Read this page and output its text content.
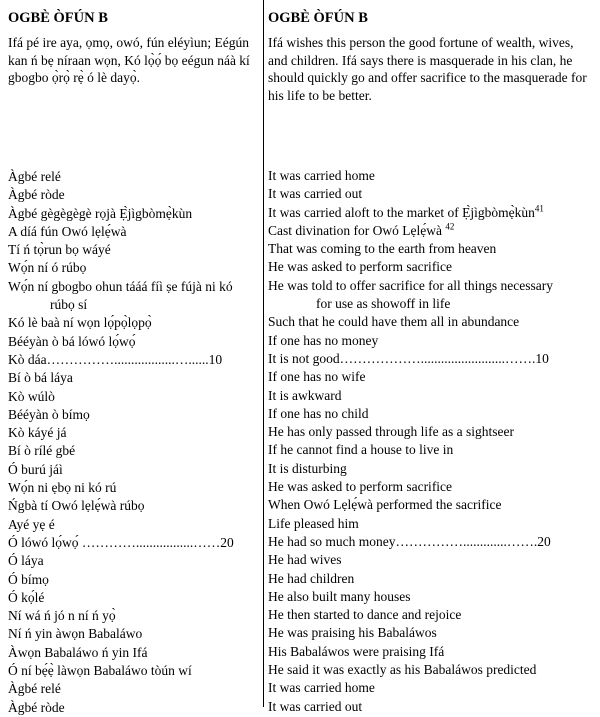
OGBÈ ÒFÚN B

Ifá pé ire aya, ọmọ, owó, fún eléyìun; Eégún kan ń bẹ níraan wọn, Kó lọ̀ọ́ bọ eégun náà kí gbogbo ọ̀rọ̀ rẹ̀ ó lè dayọ̀.

Àgbé relé
Àgbé ròde
Àgbé gègègègè rọjà Ẹ̀jìgbòmẹ̀kùn
A díá fún Owó lẹlẹ́wà
Tí ń tọ̀run bọ wáyé
Wọ́n ní ó rúbọ
Wọ́n ní gbogbo ohun tááá fíì ṣe fújà ni kó
rúbọ sí
Kó lè baà ní wọn lọ́pọ̀lọpọ̀
Bééyàn ò bá lówó lọ́wọ́
Kò dáa……………..................…......10
Bí ò bá láya
Kò wúlò
Bééyàn ò bímọ
Kò káyé já
Bí ò rílé gbé
Ó burú jáì
Wọ́n ni ẹbọ ni kó rú
Ńgbà tí Owó lẹlẹ́wà rúbọ
Ayé yẹ é
Ó lówó lọ́wọ́ ………….................……20
Ó láya
Ó bímọ
Ó kọ́lé
Ní wá ń jó n ní ń yọ̀
Ní ń yin àwọn Babaláwo
Àwọn Babaláwo ń yin Ifá
Ó ní bẹ́ẹ̀ làwọn Babaláwo tòún wí
Àgbé relé
Àgbé ròde
OGBÈ ÒFÚN B

Ifá wishes this person the good fortune of wealth, wives, and children. Ifá says there is masquerade in his clan, he should quickly go and offer sacrifice to the masquerade for his life to be better.

It was carried home
It was carried out
It was carried aloft to the market of Ẹ̀jìgbòmẹ̀kùn$^{41}$
Cast divination for Owó Lẹlẹ́wà $^{42}$
That was coming to the earth from heaven
He was asked to perform sacrifice
He was told to offer sacrifice for all things necessary
for use as showoff in life
Such that he could have them all in abundance
If one has no money
It is not good……………….........................…….10
If one has no wife
It is awkward
If one has no child
He has only passed through life as a sightseer
If he cannot find a house to live in
It is disturbing
He was asked to perform sacrifice
When Owó Lẹlẹ́wà performed the sacrifice
Life pleased him
He had so much money…………….............…….20
He had wives
He had children
He also built many houses
He then started to dance and rejoice
He was praising his Babaláwos
His Babaláwos were praising Ifá
He said it was exactly as his Babaláwos predicted
It was carried home
It was carried out
